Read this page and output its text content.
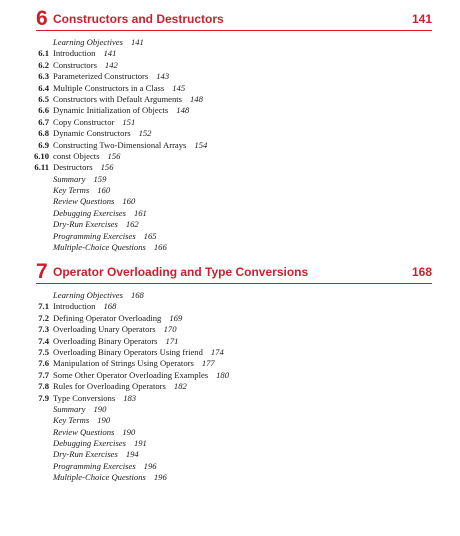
6 Constructors and Destructors	141
Learning Objectives 141
6.1 Introduction 141
6.2 Constructors 142
6.3 Parameterized Constructors 143
6.4 Multiple Constructors in a Class 145
6.5 Constructors with Default Arguments 148
6.6 Dynamic Initialization of Objects 148
6.7 Copy Constructor 151
6.8 Dynamic Constructors 152
6.9 Constructing Two-Dimensional Arrays 154
6.10 const Objects 156
6.11 Destructors 156
Summary 159
Key Terms 160
Review Questions 160
Debugging Exercises 161
Dry-Run Exercises 162
Programming Exercises 165
Multiple-Choice Questions 166
7 Operator Overloading and Type Conversions	168
Learning Objectives 168
7.1 Introduction 168
7.2 Defining Operator Overloading 169
7.3 Overloading Unary Operators 170
7.4 Overloading Binary Operators 171
7.5 Overloading Binary Operators Using friend 174
7.6 Manipulation of Strings Using Operators 177
7.7 Some Other Operator Overloading Examples 180
7.8 Rules for Overloading Operators 182
7.9 Type Conversions 183
Summary 190
Key Terms 190
Review Questions 190
Debugging Exercises 191
Dry-Run Exercises 194
Programming Exercises 196
Multiple-Choice Questions 196
